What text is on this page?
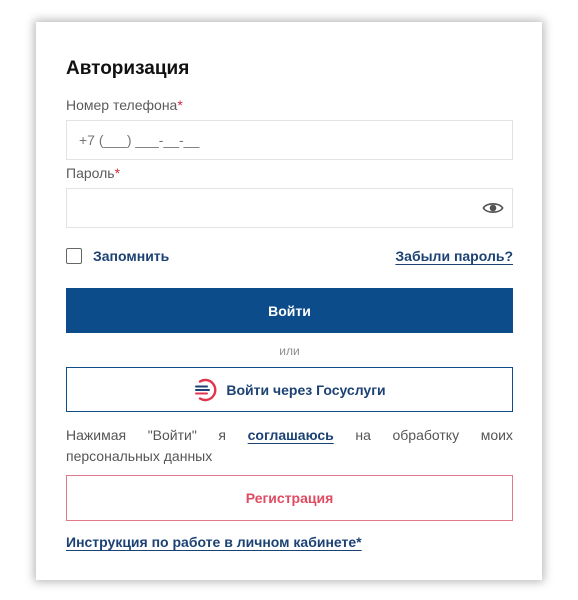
Авторизация
Номер телефона*
+7 (___) ___-__-__
Пароль*
Запомнить	Забыли пароль?
Войти
или
Войти через Госуслуги
Нажимая "Войти" я соглашаюсь на обработку моих
персональных данных
Регистрация
Инструкция по работе в личном кабинете*
